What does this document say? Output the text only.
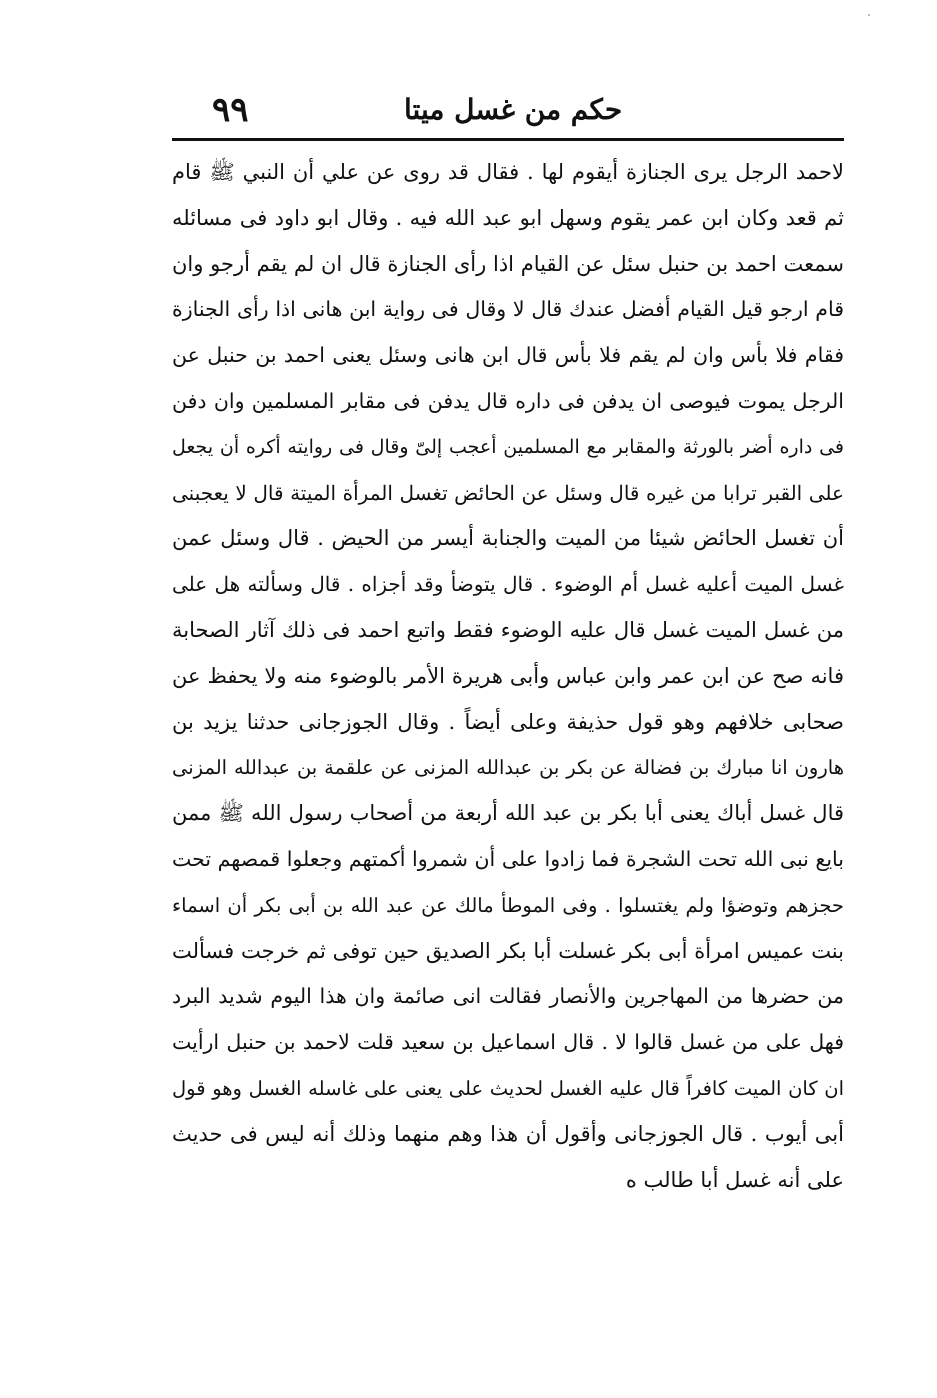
٩٩	حكم من غسل ميتا
لاحمد الرجل يرى الجنازة أيقوم لها . فقال قد روى عن علي أن النبي ﷺ قام
ثم قعد وكان ابن عمر يقوم وسهل ابو عبد الله فيه . وقال ابو داود فى مسائله
سمعت احمد بن حنبل سئل عن القيام اذا رأى الجنازة قال ان لم يقم أرجو وان
قام ارجو قيل القيام أفضل عندك قال لا وقال فى رواية ابن هانى اذا رأى الجنازة
فقام فلا بأس وان لم يقم فلا بأس قال ابن هانى وسئل يعنى احمد بن حنبل عن
الرجل يموت فيوصى ان يدفن فى داره قال يدفن فى مقابر المسلمين وان دفن
فى داره أضر بالورثة والمقابر مع المسلمين أعجب إلىّ وقال فى روايته أكره أن يجعل
على القبر ترابا من غيره قال وسئل عن الحائض تغسل المرأة الميتة قال لا يعجبنى
أن تغسل الحائض شيئا من الميت والجنابة أيسر من الحيض . قال وسئل عمن
غسل الميت أعليه غسل أم الوضوء . قال يتوضأ وقد أجزاه . قال وسألته هل على
من غسل الميت غسل قال عليه الوضوء فقط واتبع احمد فى ذلك آثار الصحابة
فانه صح عن ابن عمر وابن عباس وأبى هريرة الأمر بالوضوء منه ولا يحفظ عن
صحابى خلافهم وهو قول حذيفة وعلى أيضاً . وقال الجوزجانى حدثنا يزيد بن
هارون انا مبارك بن فضالة عن بكر بن عبدالله المزنى عن علقمة بن عبدالله المزنى
قال غسل أباك يعنى أبا بكر بن عبد الله أربعة من أصحاب رسول الله ﷺ ممن
بايع نبى الله تحت الشجرة فما زادوا على أن شمروا أكمتهم وجعلوا قمصهم تحت
حجزهم وتوضؤا ولم يغتسلوا . وفى الموطأ مالك عن عبد الله بن أبى بكر أن اسماء
بنت عميس امرأة أبى بكر غسلت أبا بكر الصديق حين توفى ثم خرجت فسألت
من حضرها من المهاجرين والأنصار فقالت انى صائمة وان هذا اليوم شديد البرد
فهل على من غسل قالوا لا . قال اسماعيل بن سعيد قلت لاحمد بن حنبل ارأيت
ان كان الميت كافراً قال عليه الغسل لحديث على يعنى على غاسله الغسل وهو قول
أبى أيوب . قال الجوزجانى وأقول أن هذا وهم منهما وذلك أنه ليس فى حديث
على أنه غسل أبا طالب ه
